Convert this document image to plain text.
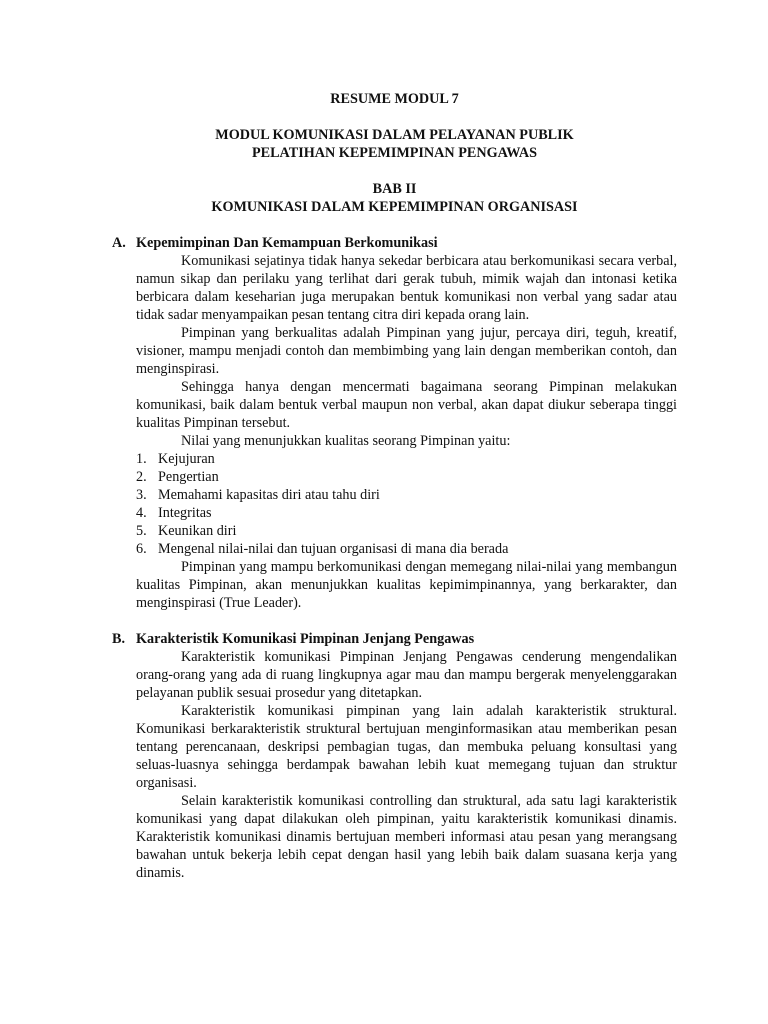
RESUME MODUL 7
MODUL KOMUNIKASI DALAM PELAYANAN PUBLIK
PELATIHAN KEPEMIMPINAN PENGAWAS
BAB II
KOMUNIKASI DALAM KEPEMIMPINAN ORGANISASI
A. Kepemimpinan Dan Kemampuan Berkomunikasi

Komunikasi sejatinya tidak hanya sekedar berbicara atau berkomunikasi secara verbal, namun sikap dan perilaku yang terlihat dari gerak tubuh, mimik wajah dan intonasi ketika berbicara dalam keseharian juga merupakan bentuk komunikasi non verbal yang sadar atau tidak sadar menyampaikan pesan tentang citra diri kepada orang lain.

Pimpinan yang berkualitas adalah Pimpinan yang jujur, percaya diri, teguh, kreatif, visioner, mampu menjadi contoh dan membimbing yang lain dengan memberikan contoh, dan menginspirasi.

Sehingga hanya dengan mencermati bagaimana seorang Pimpinan melakukan komunikasi, baik dalam bentuk verbal maupun non verbal, akan dapat diukur seberapa tinggi kualitas Pimpinan tersebut.

Nilai yang menunjukkan kualitas seorang Pimpinan yaitu:

1. Kejujuran
2. Pengertian
3. Memahami kapasitas diri atau tahu diri
4. Integritas
5. Keunikan diri
6. Mengenal nilai-nilai dan tujuan organisasi di mana dia berada

Pimpinan yang mampu berkomunikasi dengan memegang nilai-nilai yang membangun kualitas Pimpinan, akan menunjukkan kualitas kepimimpinannya, yang berkarakter, dan menginspirasi (True Leader).

B. Karakteristik Komunikasi Pimpinan Jenjang Pengawas

Karakteristik komunikasi Pimpinan Jenjang Pengawas cenderung mengendalikan orang-orang yang ada di ruang lingkupnya agar mau dan mampu bergerak menyelenggarakan pelayanan publik sesuai prosedur yang ditetapkan.

Karakteristik komunikasi pimpinan yang lain adalah karakteristik struktural. Komunikasi berkarakteristik struktural bertujuan menginformasikan atau memberikan pesan tentang perencanaan, deskripsi pembagian tugas, dan membuka peluang konsultasi yang seluas-luasnya sehingga berdampak bawahan lebih kuat memegang tujuan dan struktur organisasi.

Selain karakteristik komunikasi controlling dan struktural, ada satu lagi karakteristik komunikasi yang dapat dilakukan oleh pimpinan, yaitu karakteristik komunikasi dinamis. Karakteristik komunikasi dinamis bertujuan memberi informasi atau pesan yang merangsang bawahan untuk bekerja lebih cepat dengan hasil yang lebih baik dalam suasana kerja yang dinamis.
